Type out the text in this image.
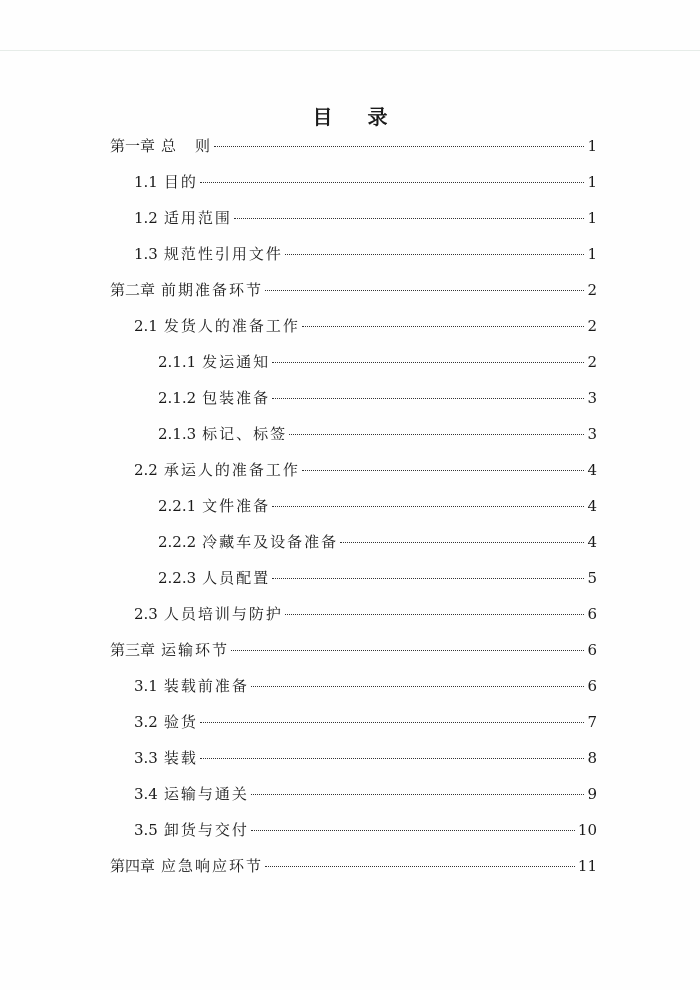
目 录
第一章 总　则	1
1.1 目的	1
1.2 适用范围	1
1.3 规范性引用文件	1
第二章 前期准备环节	2
2.1 发货人的准备工作	2
2.1.1 发运通知	2
2.1.2 包装准备	3
2.1.3 标记、标签	3
2.2 承运人的准备工作	4
2.2.1 文件准备	4
2.2.2 冷藏车及设备准备	4
2.2.3 人员配置	5
2.3 人员培训与防护	6
第三章 运输环节	6
3.1 装载前准备	6
3.2 验货	7
3.3 装载	8
3.4 运输与通关	9
3.5 卸货与交付	10
第四章 应急响应环节	11
